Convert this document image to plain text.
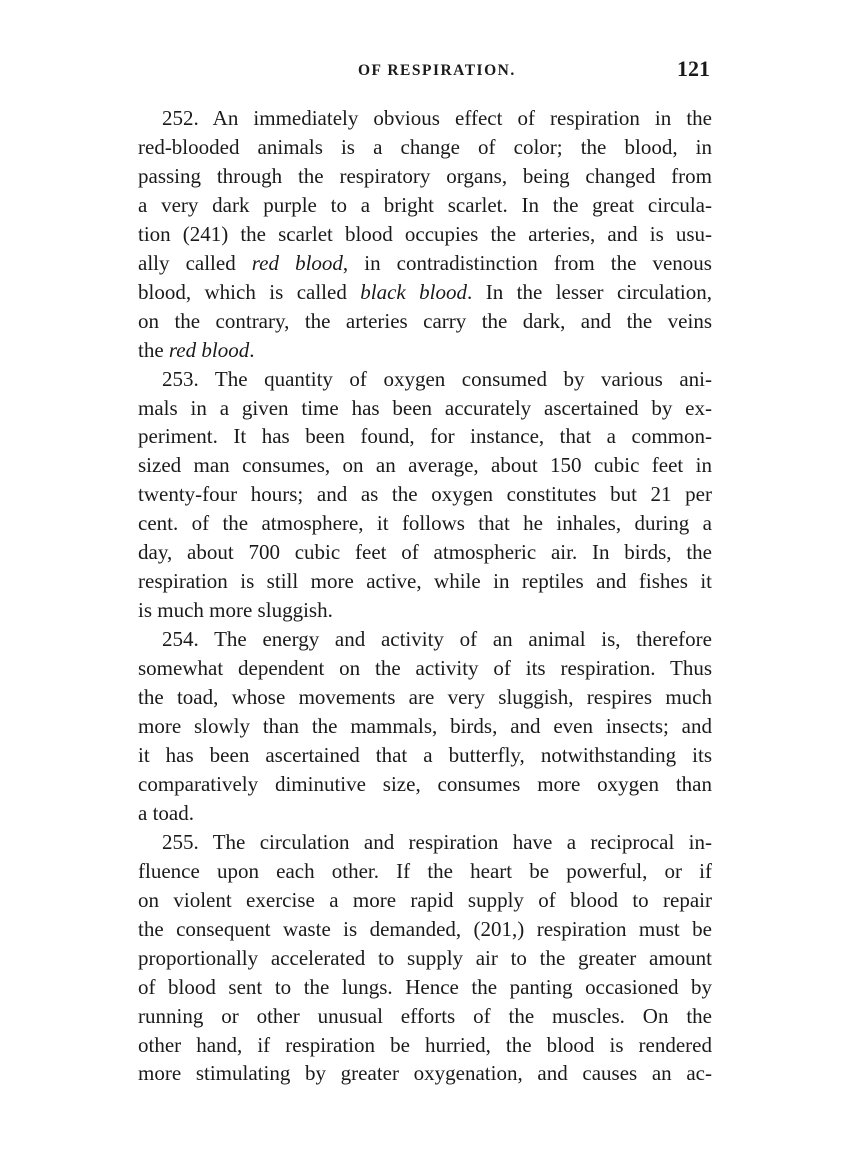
OF RESPIRATION.	121
252. An immediately obvious effect of respiration in the
red-blooded animals is a change of color; the blood, in
passing through the respiratory organs, being changed from
a very dark purple to a bright scarlet. In the great circula-
tion (241) the scarlet blood occupies the arteries, and is usu-
ally called red blood, in contradistinction from the venous
blood, which is called black blood. In the lesser circulation,
on the contrary, the arteries carry the dark, and the veins
the red blood.
253. The quantity of oxygen consumed by various ani-
mals in a given time has been accurately ascertained by ex-
periment. It has been found, for instance, that a common-
sized man consumes, on an average, about 150 cubic feet in
twenty-four hours; and as the oxygen constitutes but 21 per
cent. of the atmosphere, it follows that he inhales, during a
day, about 700 cubic feet of atmospheric air. In birds, the
respiration is still more active, while in reptiles and fishes it
is much more sluggish.
254. The energy and activity of an animal is, therefore
somewhat dependent on the activity of its respiration. Thus
the toad, whose movements are very sluggish, respires much
more slowly than the mammals, birds, and even insects; and
it has been ascertained that a butterfly, notwithstanding its
comparatively diminutive size, consumes more oxygen than
a toad.
255. The circulation and respiration have a reciprocal in-
fluence upon each other. If the heart be powerful, or if
on violent exercise a more rapid supply of blood to repair
the consequent waste is demanded, (201,) respiration must be
proportionally accelerated to supply air to the greater amount
of blood sent to the lungs. Hence the panting occasioned by
running or other unusual efforts of the muscles. On the
other hand, if respiration be hurried, the blood is rendered
more stimulating by greater oxygenation, and causes an ac-
